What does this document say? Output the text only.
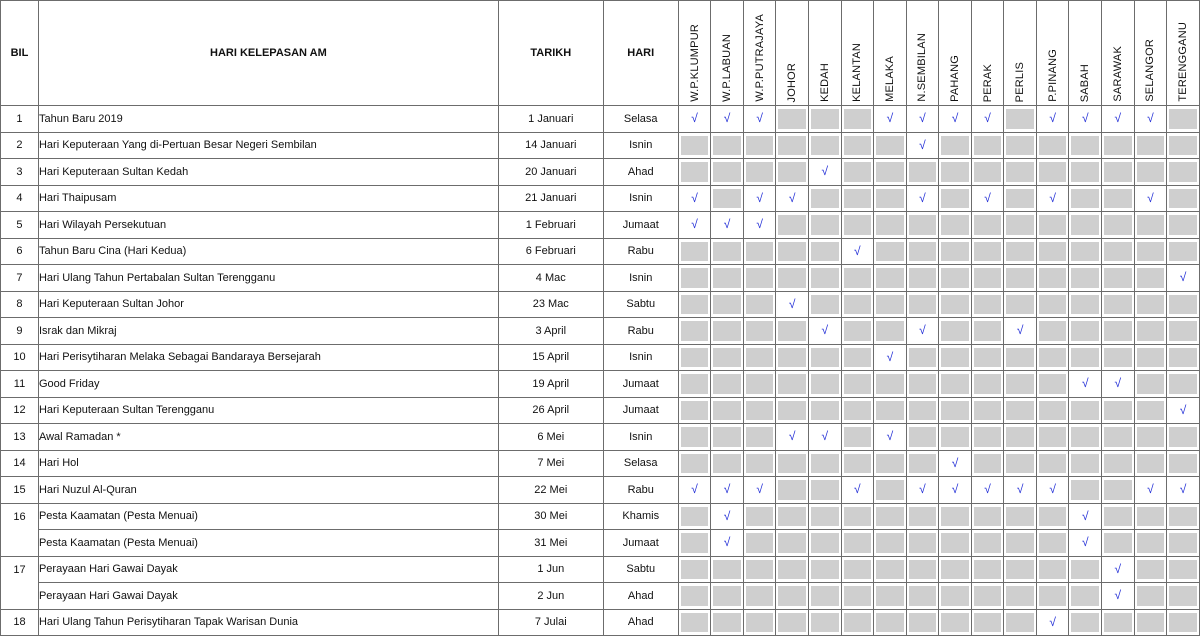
BIL	HARI KELEPASAN AM	TARIKH	HARI	W.P.KLUMPUR	W.P.LABUAN	W.P.PUTRAJAYA	JOHOR	KEDAH	KELANTAN	MELAKA	N.SEMBILAN	PAHANG	PERAK	PERLIS	P.PINANG	SABAH	SARAWAK	SELANGOR	TERENGGANU
1	Tahun Baru 2019	1 Januari	Selasa	√	√	√				√	√	√	√		√	√	√	√	

2	Hari Keputeraan Yang di-Pertuan Besar Negeri Sembilan	14 Januari	Isnin								√								

3	Hari Keputeraan Sultan Kedah	20 Januari	Ahad					√											

4	Hari Thaipusam	21 Januari	Isnin	√		√	√				√		√		√			√	

5	Hari Wilayah Persekutuan	1 Februari	Jumaat	√	√	√													

6	Tahun Baru Cina (Hari Kedua)	6 Februari	Rabu						√										

7	Hari Ulang Tahun Pertabalan Sultan Terengganu	4 Mac	Isnin																√

8	Hari Keputeraan Sultan Johor	23 Mac	Sabtu				√												

9	Israk dan Mikraj	3 April	Rabu					√			√			√					

10	Hari Perisytiharan Melaka Sebagai Bandaraya Bersejarah	15 April	Isnin							√									

11	Good Friday	19 April	Jumaat													√	√		

12	Hari Keputeraan Sultan Terengganu	26 April	Jumaat																√

13	Awal Ramadan *	6 Mei	Isnin				√	√		√									

14	Hari Hol	7 Mei	Selasa									√							

15	Hari Nuzul Al-Quran	22 Mei	Rabu	√	√	√			√		√	√	√	√	√			√	√

16	Pesta Kaamatan (Pesta Menuai)	30 Mei	Khamis		√											√			

	Pesta Kaamatan (Pesta Menuai)	31 Mei	Jumaat		√											√			

17	Perayaan Hari Gawai Dayak	1 Jun	Sabtu														√		

	Perayaan Hari Gawai Dayak	2 Jun	Ahad														√		

18	Hari Ulang Tahun Perisytiharan Tapak Warisan Dunia	7 Julai	Ahad												√				
